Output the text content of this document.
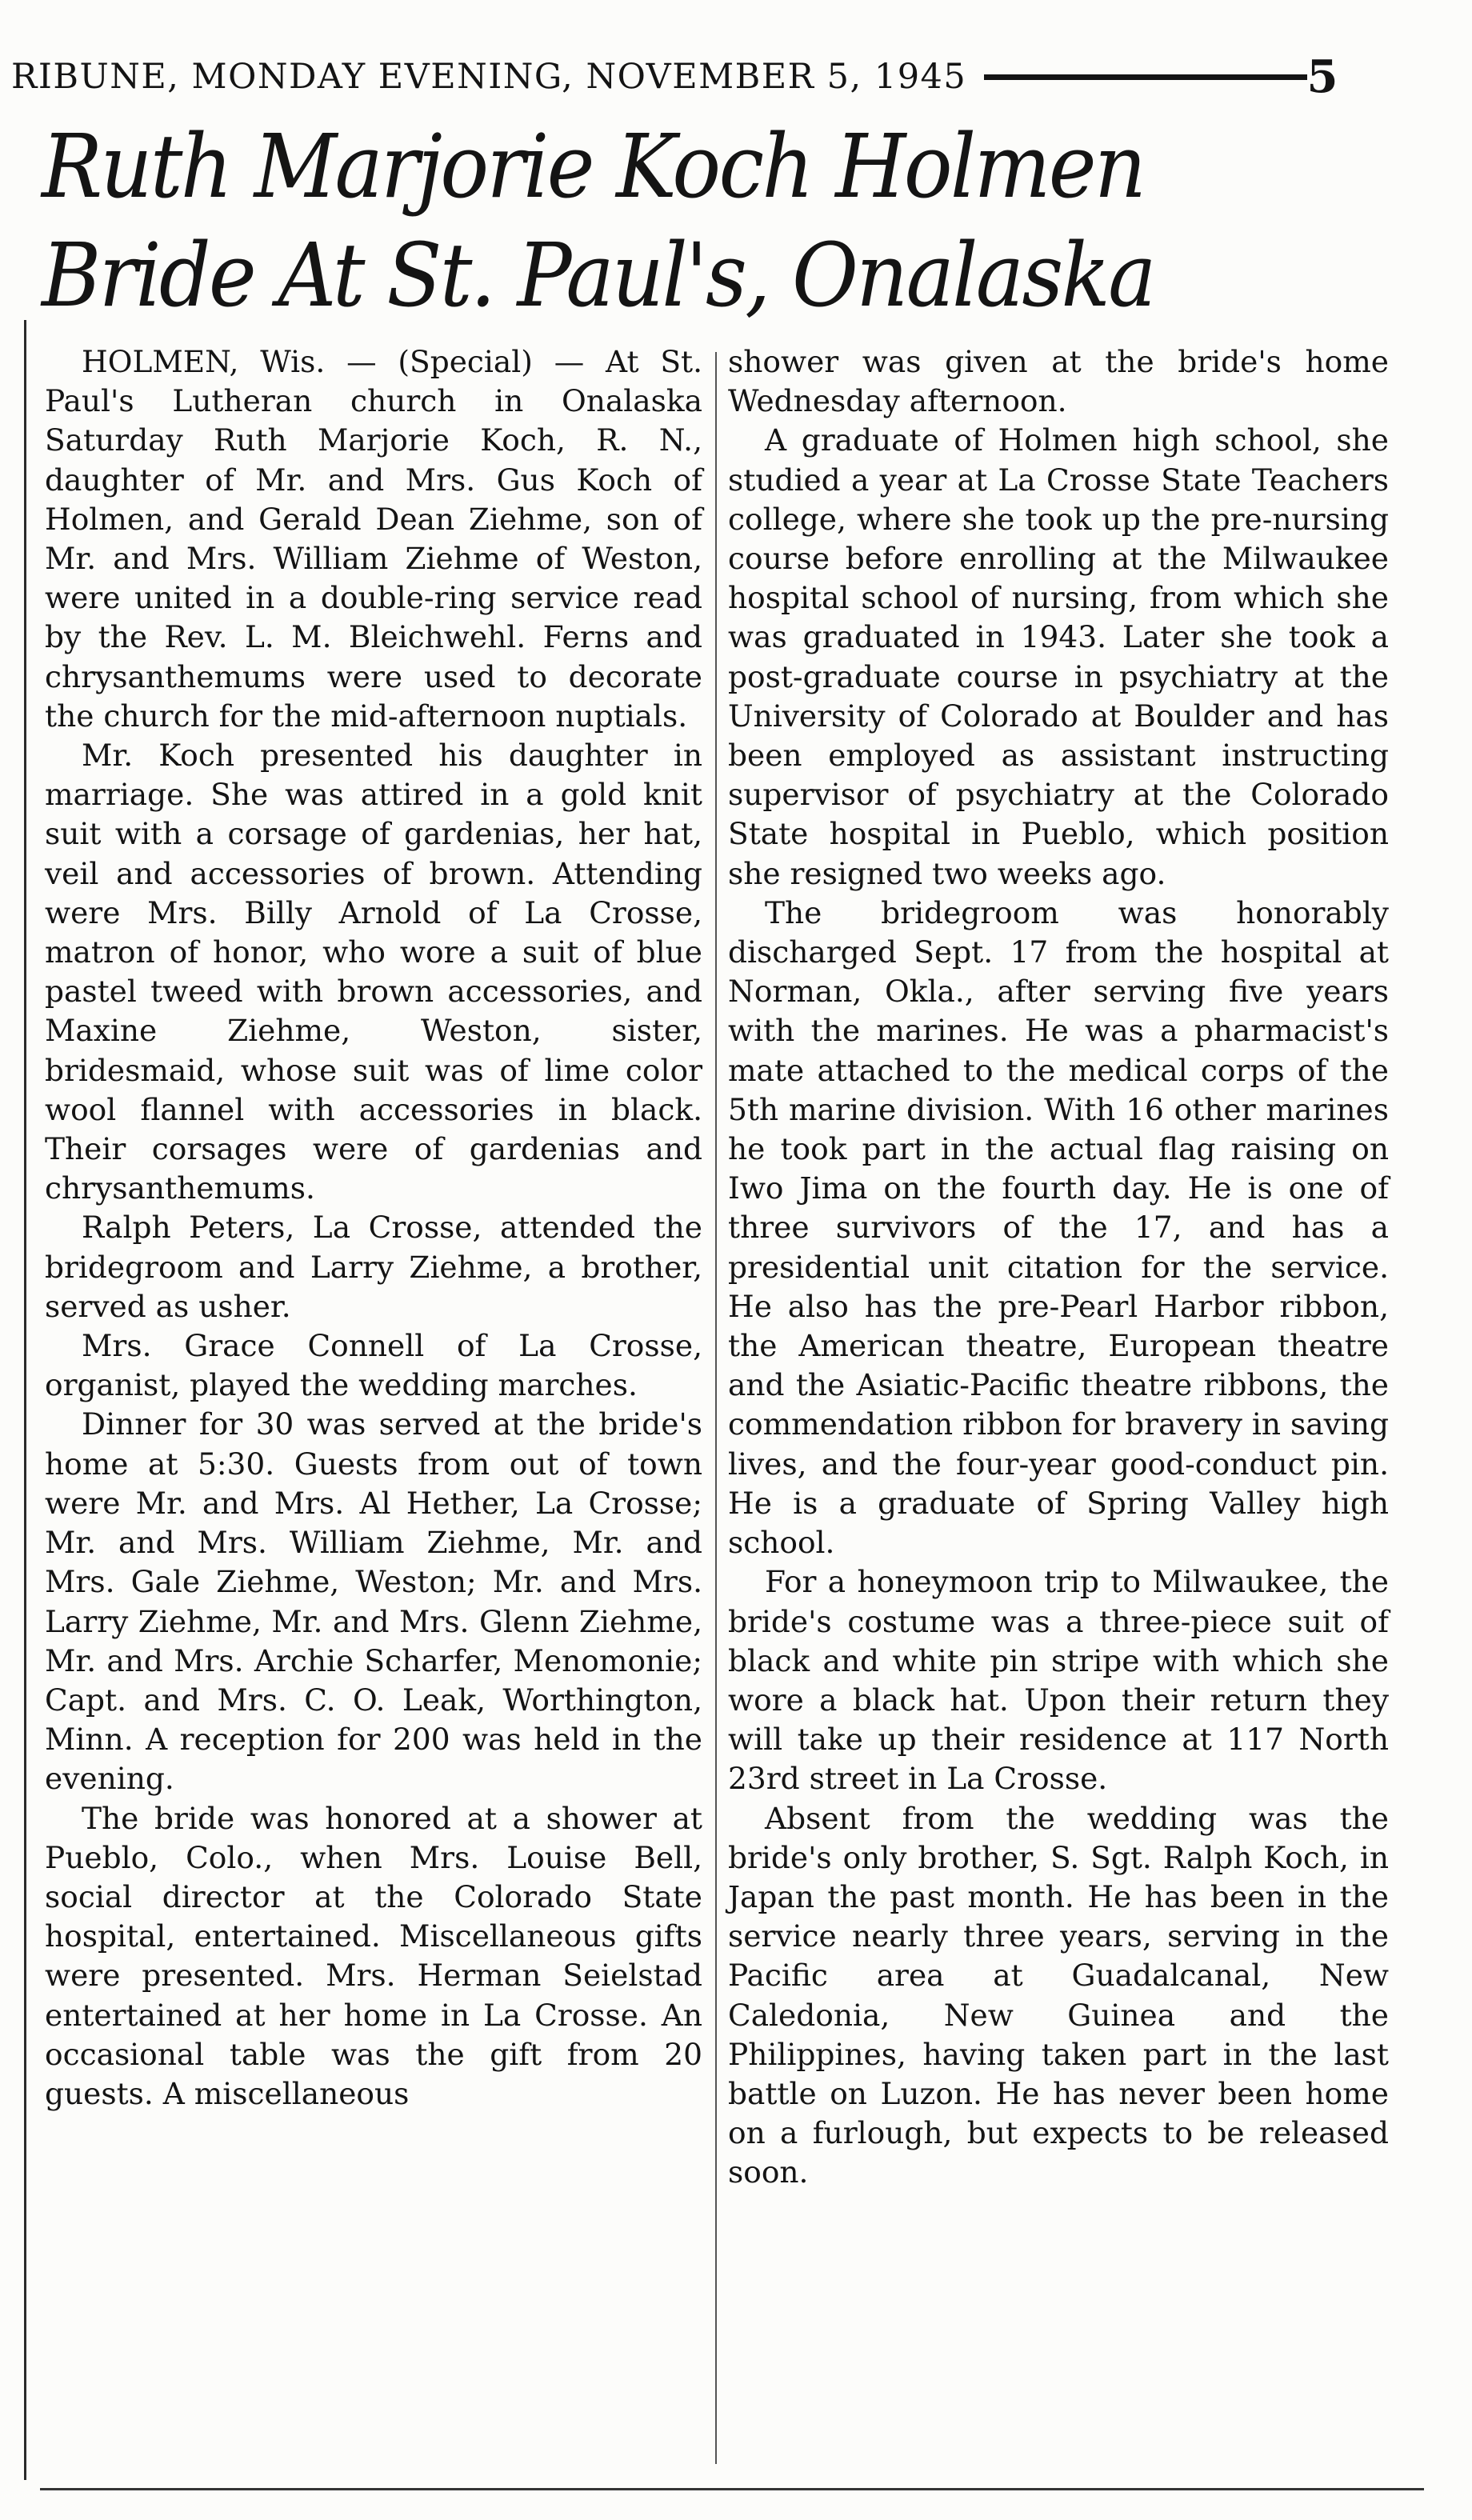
RIBUNE, MONDAY EVENING, NOVEMBER 5, 1945	5
Ruth Marjorie Koch Holmen
Bride At St. Paul's, Onalaska

HOLMEN, Wis. — (Special) — At St. Paul's Lutheran church in Onalaska Saturday Ruth Marjorie Koch, R. N., daughter of Mr. and Mrs. Gus Koch of Holmen, and Gerald Dean Ziehme, son of Mr. and Mrs. William Ziehme of Weston, were united in a double-ring service read by the Rev. L. M. Bleichwehl. Ferns and chrysanthemums were used to decorate the church for the mid-afternoon nuptials.

Mr. Koch presented his daughter in marriage. She was attired in a gold knit suit with a corsage of gardenias, her hat, veil and accessories of brown. Attending were Mrs. Billy Arnold of La Crosse, matron of honor, who wore a suit of blue pastel tweed with brown accessories, and Maxine Ziehme, Weston, sister, bridesmaid, whose suit was of lime color wool flannel with accessories in black. Their corsages were of gardenias and chrysanthemums.

Ralph Peters, La Crosse, attended the bridegroom and Larry Ziehme, a brother, served as usher.

Mrs. Grace Connell of La Crosse, organist, played the wedding marches.

Dinner for 30 was served at the bride's home at 5:30. Guests from out of town were Mr. and Mrs. Al Hether, La Crosse; Mr. and Mrs. William Ziehme, Mr. and Mrs. Gale Ziehme, Weston; Mr. and Mrs. Larry Ziehme, Mr. and Mrs. Glenn Ziehme, Mr. and Mrs. Archie Scharfer, Menomonie; Capt. and Mrs. C. O. Leak, Worthington, Minn. A reception for 200 was held in the evening.

The bride was honored at a shower at Pueblo, Colo., when Mrs. Louise Bell, social director at the Colorado State hospital, entertained. Miscellaneous gifts were presented. Mrs. Herman Seielstad entertained at her home in La Crosse. An occasional table was the gift from 20 guests. A miscellaneous

shower was given at the bride's home Wednesday afternoon.

A graduate of Holmen high school, she studied a year at La Crosse State Teachers college, where she took up the pre-nursing course before enrolling at the Milwaukee hospital school of nursing, from which she was graduated in 1943. Later she took a post-graduate course in psychiatry at the University of Colorado at Boulder and has been employed as assistant instructing supervisor of psychiatry at the Colorado State hospital in Pueblo, which position she resigned two weeks ago.

The bridegroom was honorably discharged Sept. 17 from the hospital at Norman, Okla., after serving five years with the marines. He was a pharmacist's mate attached to the medical corps of the 5th marine division. With 16 other marines he took part in the actual flag raising on Iwo Jima on the fourth day. He is one of three survivors of the 17, and has a presidential unit citation for the service. He also has the pre-Pearl Harbor ribbon, the American theatre, European theatre and the Asiatic-Pacific theatre ribbons, the commendation ribbon for bravery in saving lives, and the four-year good-conduct pin. He is a graduate of Spring Valley high school.

For a honeymoon trip to Milwaukee, the bride's costume was a three-piece suit of black and white pin stripe with which she wore a black hat. Upon their return they will take up their residence at 117 North 23rd street in La Crosse.

Absent from the wedding was the bride's only brother, S. Sgt. Ralph Koch, in Japan the past month. He has been in the service nearly three years, serving in the Pacific area at Guadalcanal, New Caledonia, New Guinea and the Philippines, having taken part in the last battle on Luzon. He has never been home on a furlough, but expects to be released soon.
